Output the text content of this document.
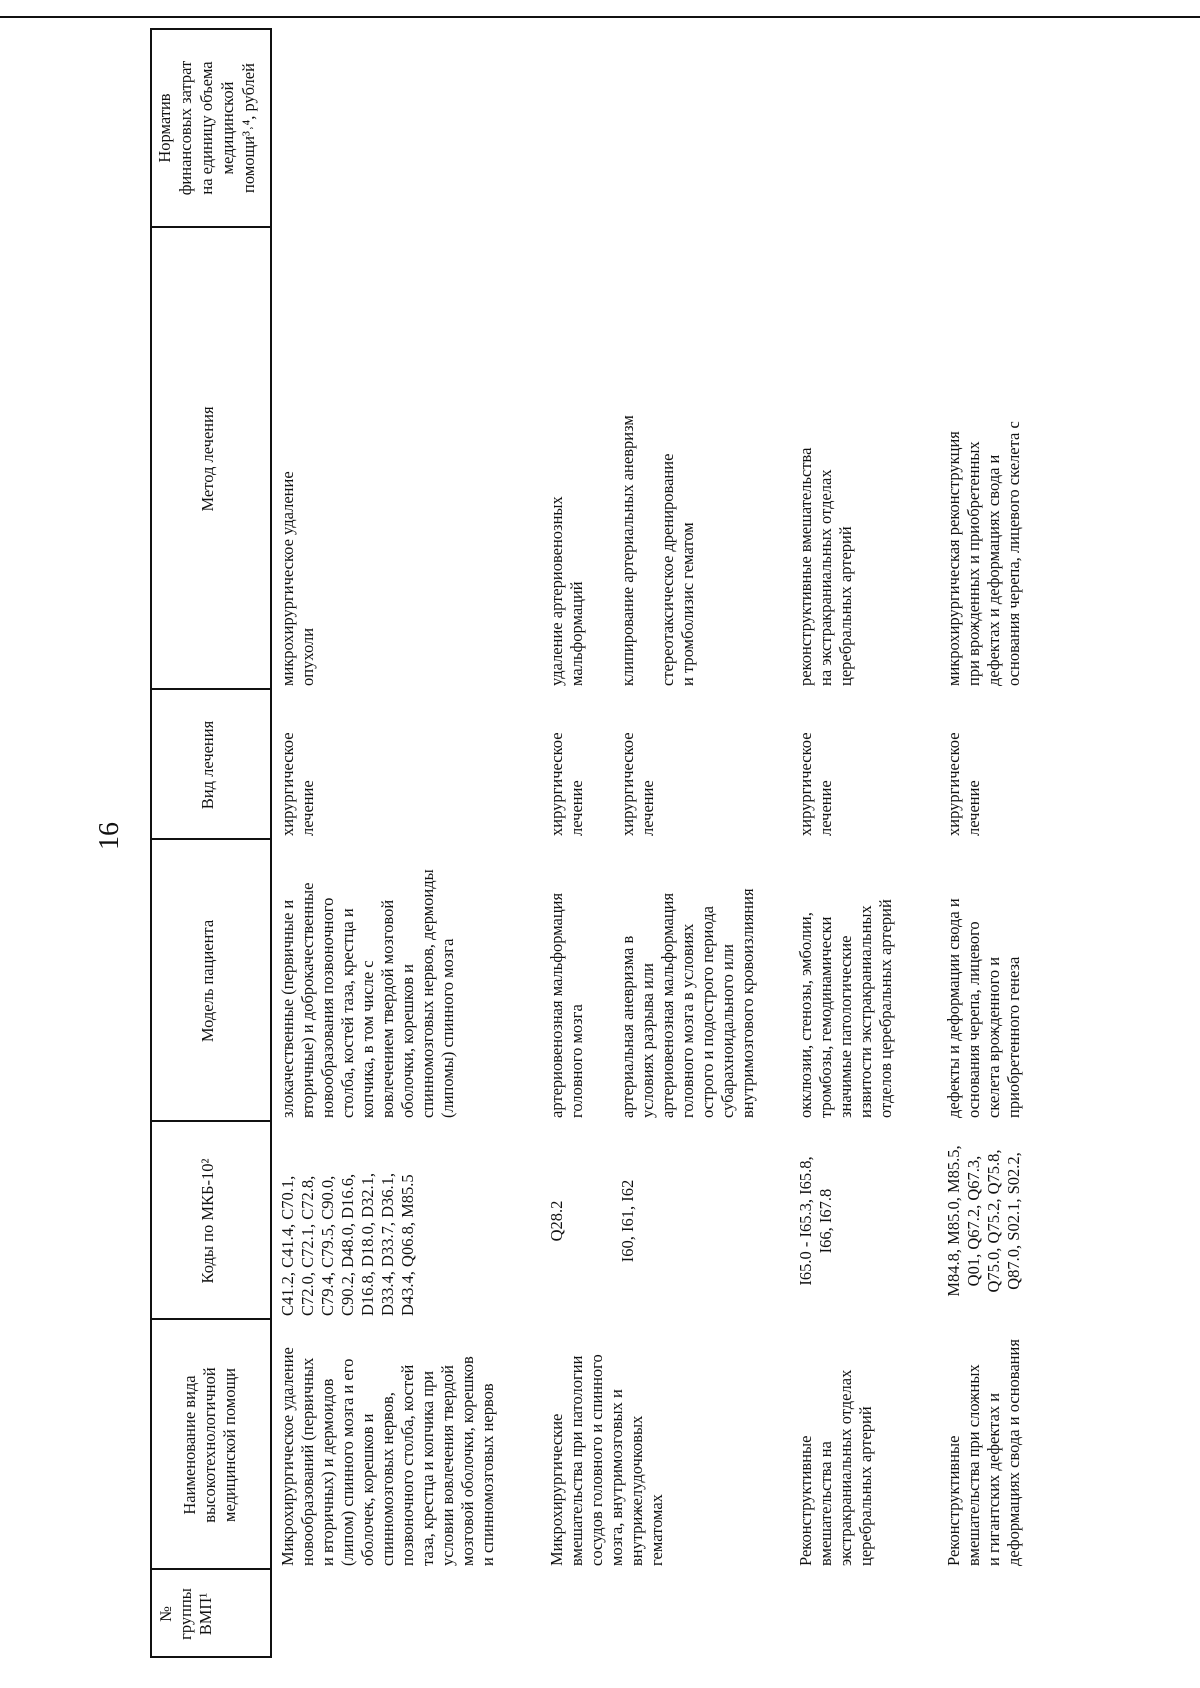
16
№ группы ВМП¹
Наименование вида высокотехнологичной медицинской помощи
Коды по МКБ-10²
Модель пациента
Вид лечения
Метод лечения
Норматив финансовых затрат на единицу объема медицинской помощи³˒⁴, рублей
Микрохирургическое удаление новообразований (первичных и вторичных) и дермоидов (липом) спинного мозга и его оболочек, корешков и спинномозговых нервов, позвоночного столба, костей таза, крестца и копчика при условии вовлечения твердой мозговой оболочки, корешков и спинномозговых нервов
C41.2, C41.4, C70.1, C72.0, C72.1, C72.8, C79.4, C79.5, C90.0, C90.2, D48.0, D16.6, D16.8, D18.0, D32.1, D33.4, D33.7, D36.1, D43.4, Q06.8, M85.5
злокачественные (первичные и вторичные) и доброкачественные новообразования позвоночного столба, костей таза, крестца и копчика, в том числе с вовлечением твердой мозговой оболочки, корешков и спинномозговых нервов, дермоиды (липомы) спинного мозга
хирургическое лечение
микрохирургическое удаление опухоли
Микрохирургические вмешательства при патологии сосудов головного и спинного мозга, внутримозговых и внутрижелудочковых гематомах
Q28.2
артериовенозная мальформация головного мозга
хирургическое лечение
удаление артериовенозных мальформаций
I60, I61, I62
артериальная аневризма в условиях разрыва или артериовенозная мальформация головного мозга в условиях острого и подострого периода субарахноидального или внутримозгового кровоизлияния
хирургическое лечение
клипирование артериальных аневризм
стереотаксическое дренирование и тромболизис гематом
Реконструктивные вмешательства на экстракраниальных отделах церебральных артерий
I65.0 - I65.3, I65.8, I66, I67.8
окклюзии, стенозы, эмболии, тромбозы, гемодинамически значимые патологические извитости экстракраниальных отделов церебральных артерий
хирургическое лечение
реконструктивные вмешательства на экстракраниальных отделах церебральных артерий
Реконструктивные вмешательства при сложных и гигантских дефектах и деформациях свода и основания
M84.8, M85.0, M85.5, Q01, Q67.2, Q67.3, Q75.0, Q75.2, Q75.8, Q87.0, S02.1, S02.2,
дефекты и деформации свода и основания черепа, лицевого скелета врожденного и приобретенного генеза
хирургическое лечение
микрохирургическая реконструкция при врожденных и приобретенных дефектах и деформациях свода и основания черепа, лицевого скелета с
